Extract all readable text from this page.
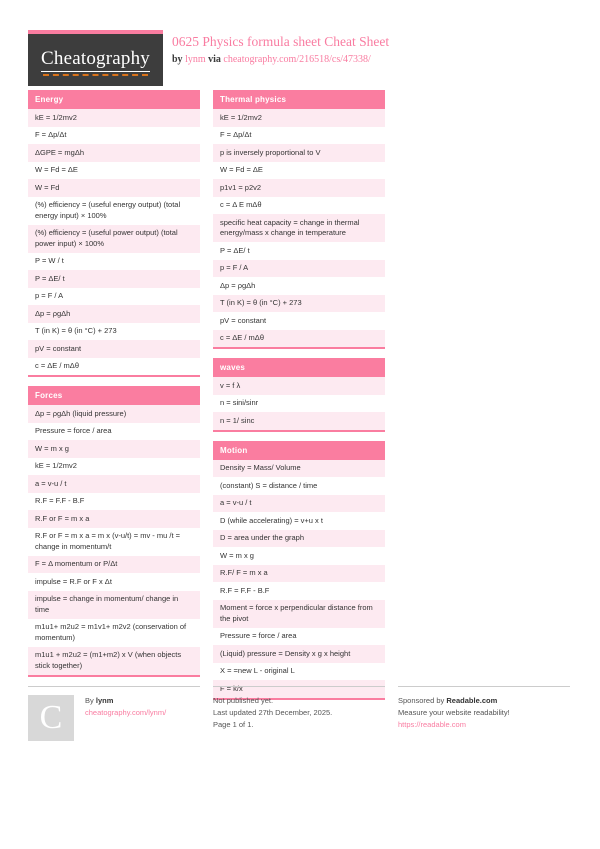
Cheatography
0625 Physics formula sheet Cheat Sheet
by lynm via cheatography.com/216518/cs/47338/
Energy
kE = 1/2mv2
F = Δp/Δt
ΔGPE = mgΔh
W = Fd = ΔE
W = Fd
(%) efficiency = (useful energy output) (total energy input) × 100%
(%) efficiency = (useful power output) (total power input) × 100%
P = W / t
P = ΔE/ t
p = F / A
Δp = ρgΔh
T (in K) = θ (in °C) + 273
pV = constant
c = ΔE / mΔθ
Forces
Δp = ρgΔh (liquid pressure)
Pressure = force / area
W = m x g
kE = 1/2mv2
a = v-u / t
R.F = F.F - B.F
R.F or F = m x a
R.F or F = m x a = m x (v-u/t) = mv - mu /t = change in momentum/t
F = Δ momentum or P/Δt
impulse = R.F or F x Δt
impulse = change in momentum/ change in time
m1u1+ m2u2 = m1v1+ m2v2 (conservation of momentum)
m1u1 + m2u2 = (m1+m2) x V (when objects stick together)
Thermal physics
kE = 1/2mv2
F = Δp/Δt
p is inversely proportional to V
W = Fd = ΔE
p1v1 = p2v2
c = Δ E mΔθ
specific heat capacity = change in thermal energy/mass x change in temperature
P = ΔE/ t
p = F / A
Δp = ρgΔh
T (in K) = θ (in °C) + 273
pV = constant
c = ΔE / mΔθ
waves
v = f λ
n = sini/sinr
n = 1/ sinc
Motion
Density = Mass/ Volume
(constant) S = distance / time
a = v-u / t
D (while accelerating) = v+u x t
D = area under the graph
W = m x g
R.F/ F = m x a
R.F = F.F - B.F
Moment = force x perpendicular distance from the pivot
Pressure = force / area
(Liquid) pressure = Density x g x height
X = =new L - original L
F = k/x
C	By lynm
cheatography.com/lynm/
Not published yet.
Last updated 27th December, 2025.
Page 1 of 1.
Sponsored by Readable.com
Measure your website readability!
https://readable.com
